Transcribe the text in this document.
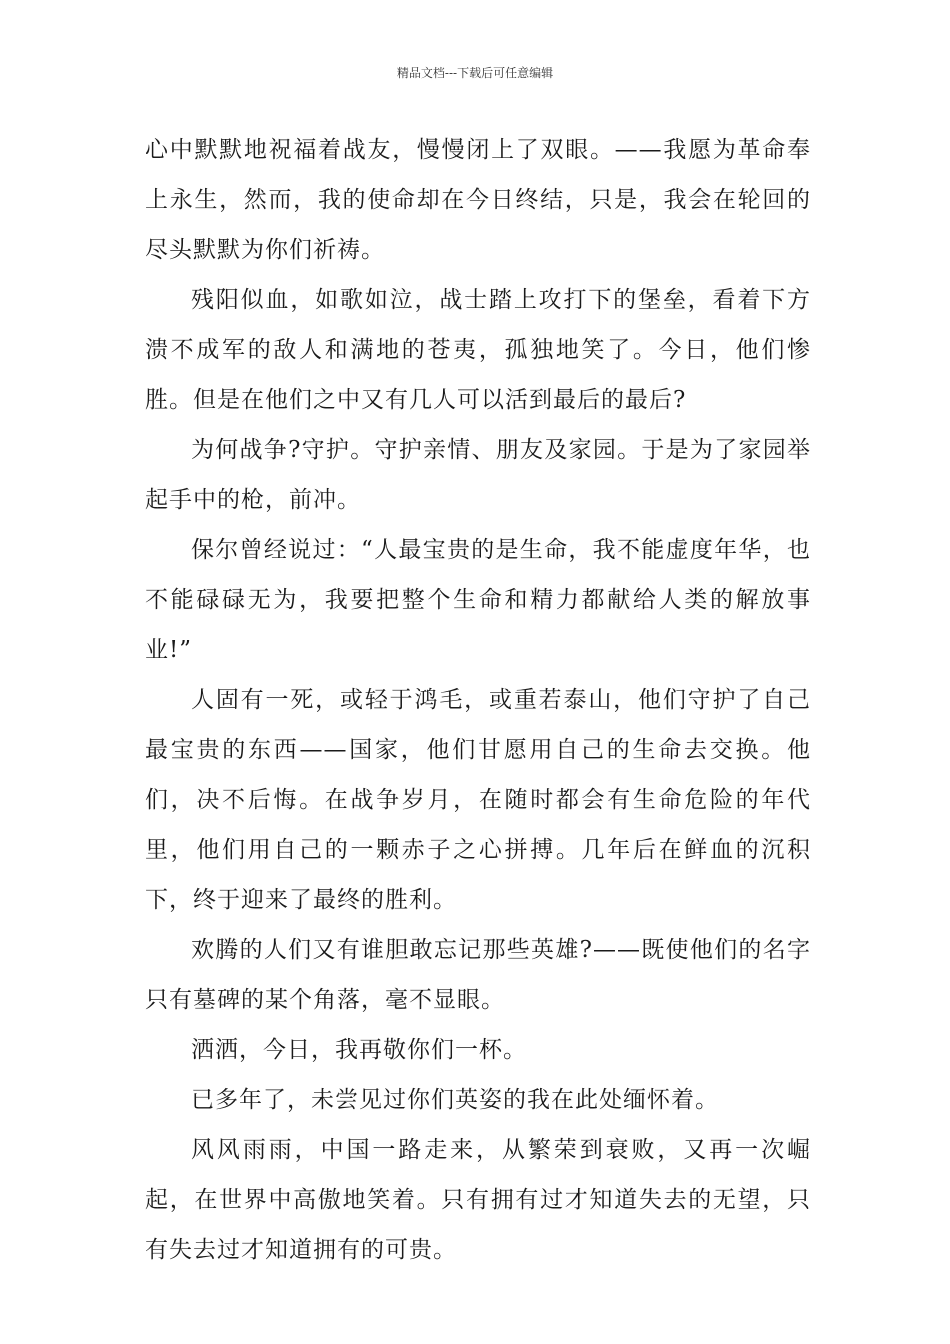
精品文档---下载后可任意编辑

心中默默地祝福着战友，慢慢闭上了双眼。——我愿为革命奉上永生，然而，我的使命却在今日终结，只是，我会在轮回的尽头默默为你们祈祷。

残阳似血，如歌如泣，战士踏上攻打下的堡垒，看着下方溃不成军的敌人和满地的苍夷，孤独地笑了。今日，他们惨胜。但是在他们之中又有几人可以活到最后的最后?

为何战争?守护。守护亲情、朋友及家园。于是为了家园举起手中的枪，前冲。

保尔曾经说过：“人最宝贵的是生命，我不能虚度年华，也不能碌碌无为，我要把整个生命和精力都献给人类的解放事业!”

人固有一死，或轻于鸿毛，或重若泰山，他们守护了自己最宝贵的东西——国家，他们甘愿用自己的生命去交换。他们，决不后悔。在战争岁月，在随时都会有生命危险的年代里，他们用自己的一颗赤子之心拼搏。几年后在鲜血的沉积下，终于迎来了最终的胜利。

欢腾的人们又有谁胆敢忘记那些英雄?——既使他们的名字只有墓碑的某个角落，毫不显眼。

洒洒，今日，我再敬你们一杯。

已多年了，未尝见过你们英姿的我在此处缅怀着。

风风雨雨，中国一路走来，从繁荣到衰败，又再一次崛起，在世界中高傲地笑着。只有拥有过才知道失去的无望，只有失去过才知道拥有的可贵。
